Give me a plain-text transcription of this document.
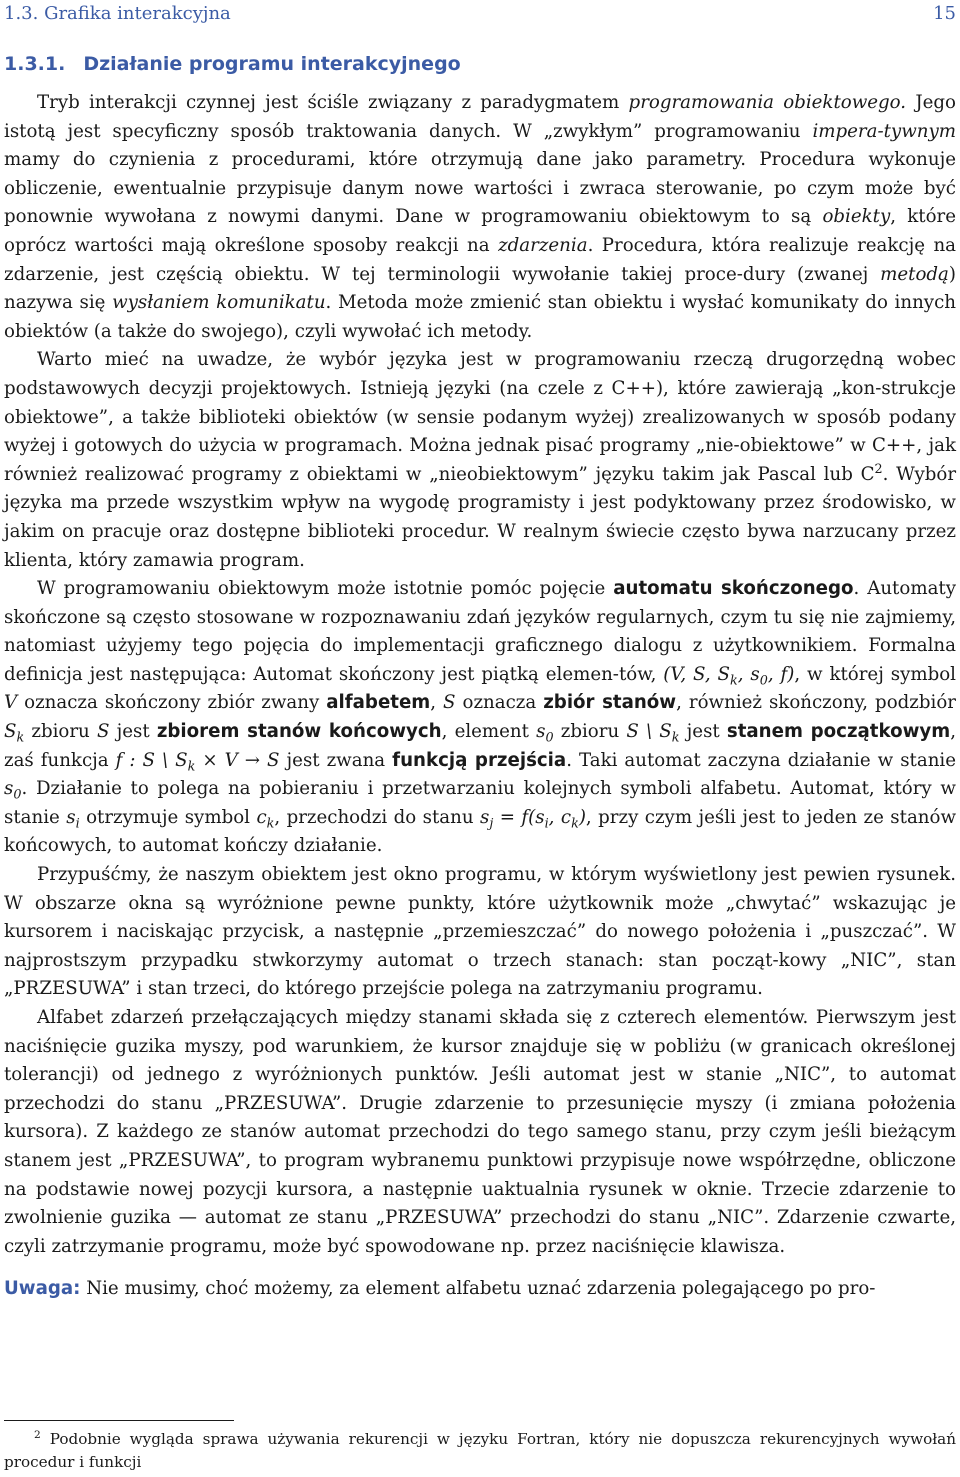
1.3. Grafika interakcyjna	15
1.3.1. Działanie programu interakcyjnego

Tryb interakcji czynnej jest ściśle związany z paradygmatem programowania obiektowego. Jego istotą jest specyficzny sposób traktowania danych. W „zwykłym” programowaniu impera-tywnym mamy do czynienia z procedurami, które otrzymują dane jako parametry. Procedura wykonuje obliczenie, ewentualnie przypisuje danym nowe wartości i zwraca sterowanie, po czym może być ponownie wywołana z nowymi danymi. Dane w programowaniu obiektowym to są obiekty, które oprócz wartości mają określone sposoby reakcji na zdarzenia. Procedura, która realizuje reakcję na zdarzenie, jest częścią obiektu. W tej terminologii wywołanie takiej proce-dury (zwanej metodą) nazywa się wysłaniem komunikatu. Metoda może zmienić stan obiektu i wysłać komunikaty do innych obiektów (a także do swojego), czyli wywołać ich metody.

Warto mieć na uwadze, że wybór języka jest w programowaniu rzeczą drugorzędną wobec podstawowych decyzji projektowych. Istnieją języki (na czele z C++), które zawierają „kon-strukcje obiektowe”, a także biblioteki obiektów (w sensie podanym wyżej) zrealizowanych w sposób podany wyżej i gotowych do użycia w programach. Można jednak pisać programy „nie-obiektowe” w C++, jak również realizować programy z obiektami w „nieobiektowym” języku takim jak Pascal lub $C^2$. Wybór języka ma przede wszystkim wpływ na wygodę programisty i jest podyktowany przez środowisko, w jakim on pracuje oraz dostępne biblioteki procedur. W realnym świecie często bywa narzucany przez klienta, który zamawia program.

W programowaniu obiektowym może istotnie pomóc pojęcie automatu skończonego. Automaty skończone są często stosowane w rozpoznawaniu zdań języków regularnych, czym tu się nie zajmiemy, natomiast użyjemy tego pojęcia do implementacji graficznego dialogu z użytkownikiem. Formalna definicja jest następująca: Automat skończony jest piątką elemen-tów, (V, S, $S_k$, $s_0$, f), w której symbol V oznacza skończony zbiór zwany alfabetem, S oznacza zbiór stanów, również skończony, podzbiór $S_k$ zbioru S jest zbiorem stanów końcowych, element $s_0$ zbioru S \ $S_k$ jest stanem początkowym, zaś funkcja f : S \ $S_k \times V \to S$ jest zwana funkcją przejścia. Taki automat zaczyna działanie w stanie $s_0$. Działanie to polega na pobieraniu i przetwarzaniu kolejnych symboli alfabetu. Automat, który w stanie $s_i$ otrzymuje symbol $c_k$, przechodzi do stanu $s_j = f(s_i$, $c_k$), przy czym jeśli jest to jeden ze stanów końcowych, to automat kończy działanie.

Przypuśćmy, że naszym obiektem jest okno programu, w którym wyświetlony jest pewien rysunek. W obszarze okna są wyróżnione pewne punkty, które użytkownik może „chwytać” wskazując je kursorem i naciskając przycisk, a następnie „przemieszczać” do nowego położenia i „puszczać”. W najprostszym przypadku stwkorzymy automat o trzech stanach: stan począt-kowy „NIC”, stan „PRZESUWA” i stan trzeci, do którego przejście polega na zatrzymaniu programu.

Alfabet zdarzeń przełączających między stanami składa się z czterech elementów. Pierwszym jest naciśnięcie guzika myszy, pod warunkiem, że kursor znajduje się w pobliżu (w granicach określonej tolerancji) od jednego z wyróżnionych punktów. Jeśli automat jest w stanie „NIC”, to automat przechodzi do stanu „PRZESUWA”. Drugie zdarzenie to przesunięcie myszy (i zmiana położenia kursora). Z każdego ze stanów automat przechodzi do tego samego stanu, przy czym jeśli bieżącym stanem jest „PRZESUWA”, to program wybranemu punktowi przypisuje nowe współrzędne, obliczone na podstawie nowej pozycji kursora, a następnie uaktualnia rysunek w oknie. Trzecie zdarzenie to zwolnienie guzika — automat ze stanu „PRZESUWA” przechodzi do stanu „NIC”. Zdarzenie czwarte, czyli zatrzymanie programu, może być spowodowane np. przez naciśnięcie klawisza.

Uwaga: Nie musimy, choć możemy, za element alfabetu uznać zdarzenia polegającego po pro-

$^2$ Podobnie wygląda sprawa używania rekurencji w języku Fortran, który nie dopuszcza rekurencyjnych wywołań procedur i funkcji
